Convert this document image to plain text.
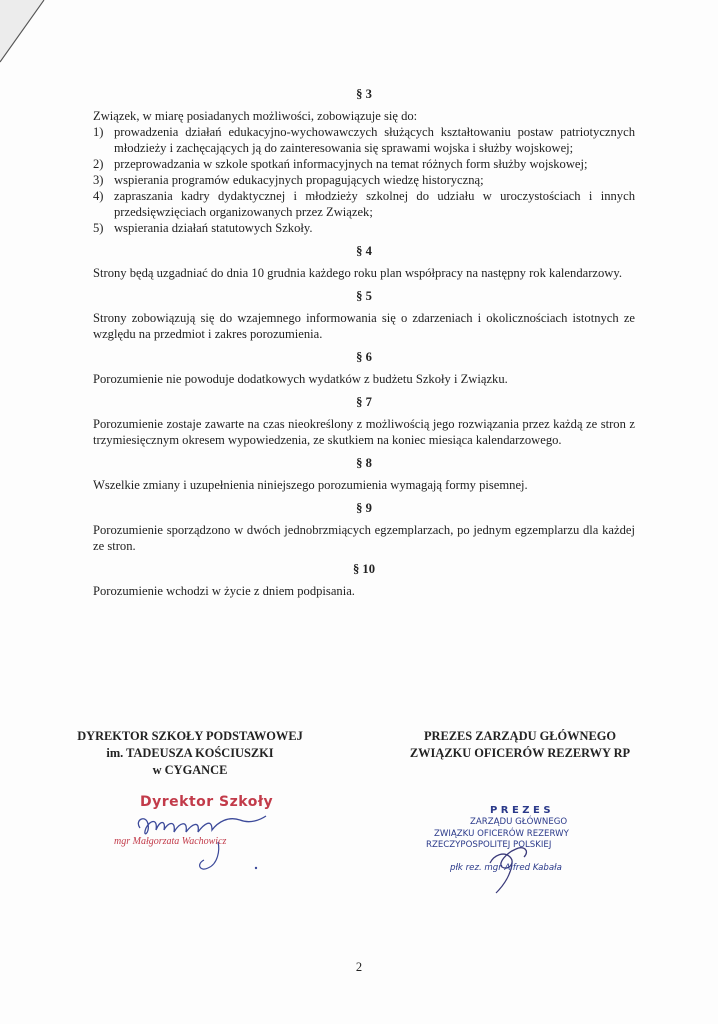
§ 3

Związek, w miarę posiadanych możliwości, zobowiązuje się do:

1) prowadzenia działań edukacyjno-wychowawczych służących kształtowaniu postaw patriotycznych młodzieży i zachęcających ją do zainteresowania się sprawami wojska i służby wojskowej;
2) przeprowadzania w szkole spotkań informacyjnych na temat różnych form służby wojskowej;
3) wspierania programów edukacyjnych propagujących wiedzę historyczną;
4) zapraszania kadry dydaktycznej i młodzieży szkolnej do udziału w uroczystościach i innych przedsięwzięciach organizowanych przez Związek;
5) wspierania działań statutowych Szkoły.
§ 4

Strony będą uzgadniać do dnia 10 grudnia każdego roku plan współpracy na następny rok kalendarzowy.

§ 5

Strony zobowiązują się do wzajemnego informowania się o zdarzeniach i okolicznościach istotnych ze względu na przedmiot i zakres porozumienia.

§ 6

Porozumienie nie powoduje dodatkowych wydatków z budżetu Szkoły i Związku.

§ 7

Porozumienie zostaje zawarte na czas nieokreślony z możliwością jego rozwiązania przez każdą ze stron z trzymiesięcznym okresem wypowiedzenia, ze skutkiem na koniec miesiąca kalendarzowego.

§ 8

Wszelkie zmiany i uzupełnienia niniejszego porozumienia wymagają formy pisemnej.

§ 9

Porozumienie sporządzono w dwóch jednobrzmiących egzemplarzach, po jednym egzemplarzu dla każdej ze stron.

§ 10

Porozumienie wchodzi w życie z dniem podpisania.

DYREKTOR SZKOŁY PODSTAWOWEJ
im. TADEUSZA KOŚCIUSZKI
w CYGANCE
Dyrektor Szkoły
mgr Małgorzata Wachowicz
PREZES ZARZĄDU GŁÓWNEGO
ZWIĄZKU OFICERÓW REZERWY RP
P R E Z E S
ZARZĄDU GŁÓWNEGO
ZWIĄZKU OFICERÓW REZERWY
RZECZYPOSPOLITEJ POLSKIEJ
płk rez. mgr Alfred Kabała
2
